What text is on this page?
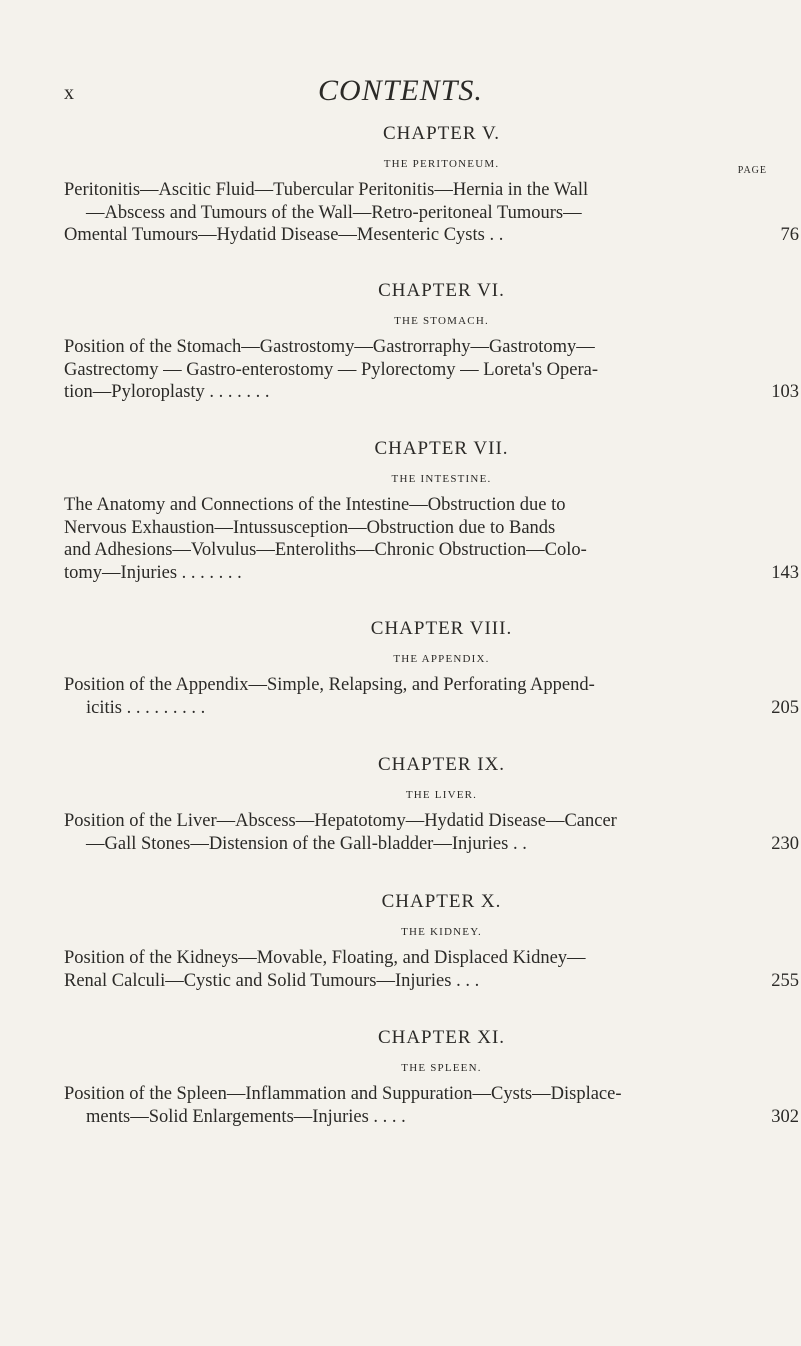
x	CONTENTS.
PAGE
CHAPTER V.
THE PERITONEUM.
Peritonitis—Ascitic Fluid—Tubercular Peritonitis—Hernia in the Wall
—Abscess and Tumours of the Wall—Retro-peritoneal Tumours—
Omental Tumours—Hydatid Disease—Mesenteric Cysts . .	76
CHAPTER VI.
THE STOMACH.
Position of the Stomach—Gastrostomy—Gastrorraphy—Gastrotomy—
Gastrectomy — Gastro-enterostomy — Pylorectomy — Loreta's Opera-
tion—Pyloroplasty . . . . . . .	103
CHAPTER VII.
THE INTESTINE.
The Anatomy and Connections of the Intestine—Obstruction due to
Nervous Exhaustion—Intussusception—Obstruction due to Bands
and Adhesions—Volvulus—Enteroliths—Chronic Obstruction—Colo-
tomy—Injuries . . . . . . .	143
CHAPTER VIII.
THE APPENDIX.
Position of the Appendix—Simple, Relapsing, and Perforating Append-
icitis . . . . . . . . .	205
CHAPTER IX.
THE LIVER.
Position of the Liver—Abscess—Hepatotomy—Hydatid Disease—Cancer
—Gall Stones—Distension of the Gall-bladder—Injuries . .	230
CHAPTER X.
THE KIDNEY.
Position of the Kidneys—Movable, Floating, and Displaced Kidney—
Renal Calculi—Cystic and Solid Tumours—Injuries . . .	255
CHAPTER XI.
THE SPLEEN.
Position of the Spleen—Inflammation and Suppuration—Cysts—Displace-
ments—Solid Enlargements—Injuries . . . .	302
